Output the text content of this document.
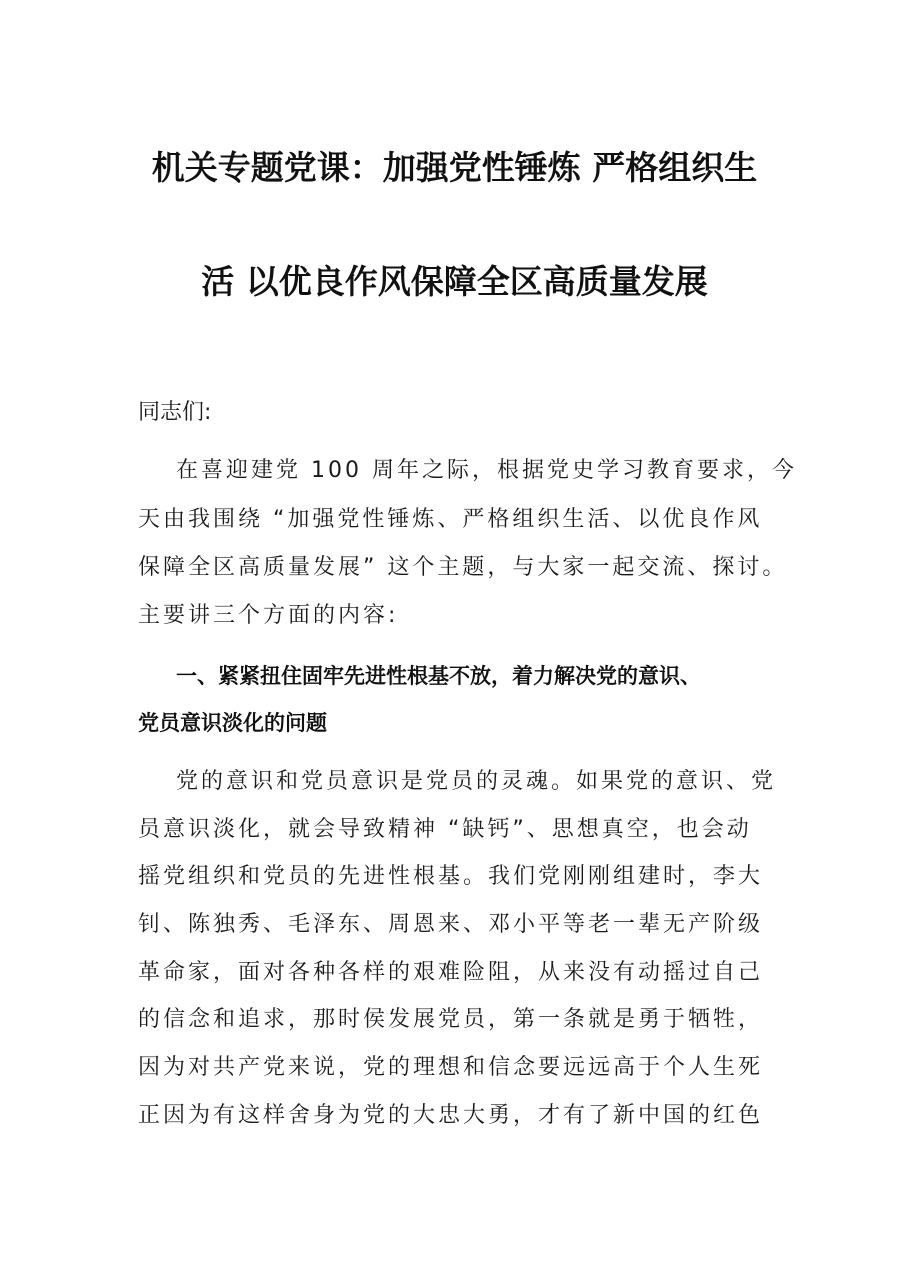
机关专题党课：加强党性锤炼 严格组织生
活 以优良作风保障全区高质量发展
同志们:
在喜迎建党 100 周年之际，根据党史学习教育要求，今
天由我围绕 “加强党性锤炼、严格组织生活、以优良作风
保障全区高质量发展” 这个主题，与大家一起交流、探讨。
主要讲三个方面的内容:
一、紧紧扭住固牢先进性根基不放，着力解决党的意识、
党员意识淡化的问题
党的意识和党员意识是党员的灵魂。如果党的意识、党
员意识淡化，就会导致精神 “缺钙”、思想真空，也会动
摇党组织和党员的先进性根基。我们党刚刚组建时，李大
钊、陈独秀、毛泽东、周恩来、邓小平等老一辈无产阶级
革命家，面对各种各样的艰难险阻，从来没有动摇过自己
的信念和追求，那时侯发展党员，第一条就是勇于牺牲，
因为对共产党来说，党的理想和信念要远远高于个人生死
正因为有这样舍身为党的大忠大勇，才有了新中国的红色
